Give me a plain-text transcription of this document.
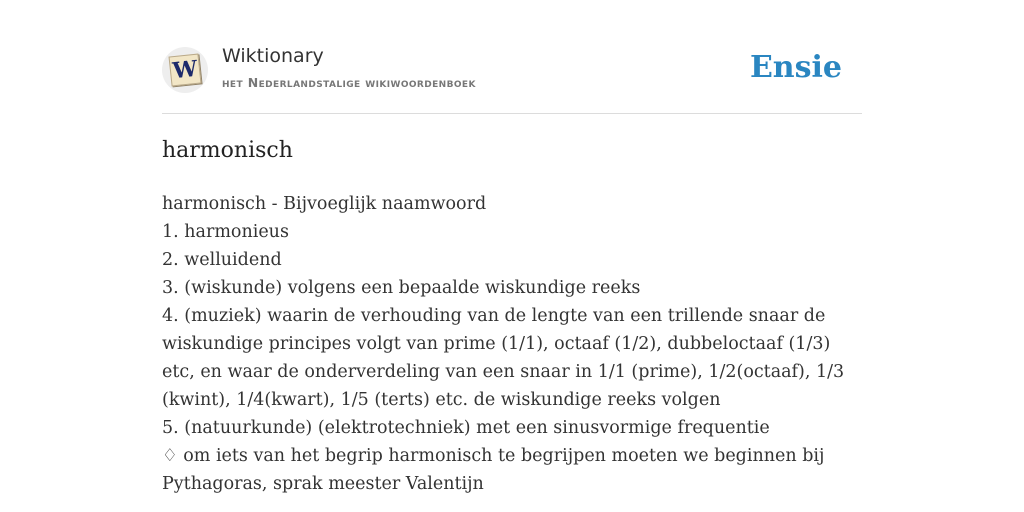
W Wiktionary
het Nederlandstalige wikiwoordenboek	Ensie
harmonisch
harmonisch - Bijvoeglijk naamwoord
1. harmonieus
2. welluidend
3. (wiskunde) volgens een bepaalde wiskundige reeks
4. (muziek) waarin de verhouding van de lengte van een trillende snaar de wiskundige principes volgt van prime (1/1), octaaf (1/2), dubbeloctaaf (1/3) etc, en waar de onderverdeling van een snaar in 1/1 (prime), 1/2(octaaf), 1/3 (kwint), 1/4(kwart), 1/5 (terts) etc. de wiskundige reeks volgen
5. (natuurkunde) (elektrotechniek) met een sinusvormige frequentie
♢ om iets van het begrip harmonisch te begrijpen moeten we beginnen bij Pythagoras, sprak meester Valentijn
